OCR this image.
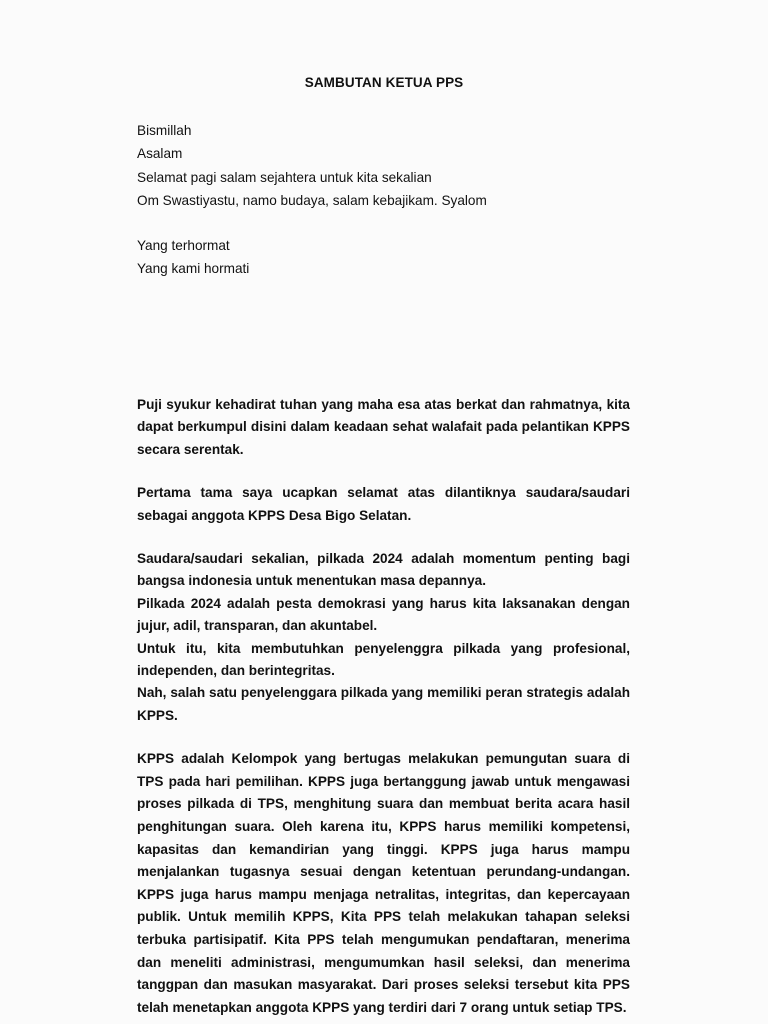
SAMBUTAN KETUA PPS
Bismillah
Asalam
Selamat pagi salam sejahtera untuk kita sekalian
Om Swastiyastu, namo budaya, salam kebajikam. Syalom
Yang terhormat
Yang kami hormati

Puji syukur kehadirat tuhan yang maha esa atas berkat dan rahmatnya, kita dapat berkumpul disini dalam keadaan sehat walafait pada pelantikan KPPS secara serentak.

Pertama tama saya ucapkan selamat atas dilantiknya saudara/saudari sebagai anggota KPPS Desa Bigo Selatan.

Saudara/saudari sekalian, pilkada 2024 adalah momentum penting bagi bangsa indonesia untuk menentukan masa depannya.

Pilkada 2024 adalah pesta demokrasi yang harus kita laksanakan dengan jujur, adil, transparan, dan akuntabel.

Untuk itu, kita membutuhkan penyelenggra pilkada yang profesional, independen, dan berintegritas.

Nah, salah satu penyelenggara pilkada yang memiliki peran strategis adalah KPPS.

KPPS adalah Kelompok yang bertugas melakukan pemungutan suara di TPS pada hari pemilihan. KPPS juga bertanggung jawab untuk mengawasi proses pilkada di TPS, menghitung suara dan membuat berita acara hasil penghitungan suara. Oleh karena itu, KPPS harus memiliki kompetensi, kapasitas dan kemandirian yang tinggi. KPPS juga harus mampu menjalankan tugasnya sesuai dengan ketentuan perundang-undangan. KPPS juga harus mampu menjaga netralitas, integritas, dan kepercayaan publik. Untuk memilih KPPS, Kita PPS telah melakukan tahapan seleksi terbuka partisipatif. Kita PPS telah mengumukan pendaftaran, menerima dan meneliti administrasi, mengumumkan hasil seleksi, dan menerima tanggpan dan masukan masyarakat. Dari proses seleksi tersebut kita PPS telah menetapkan anggota KPPS yang terdiri dari 7 orang untuk setiap TPS.
